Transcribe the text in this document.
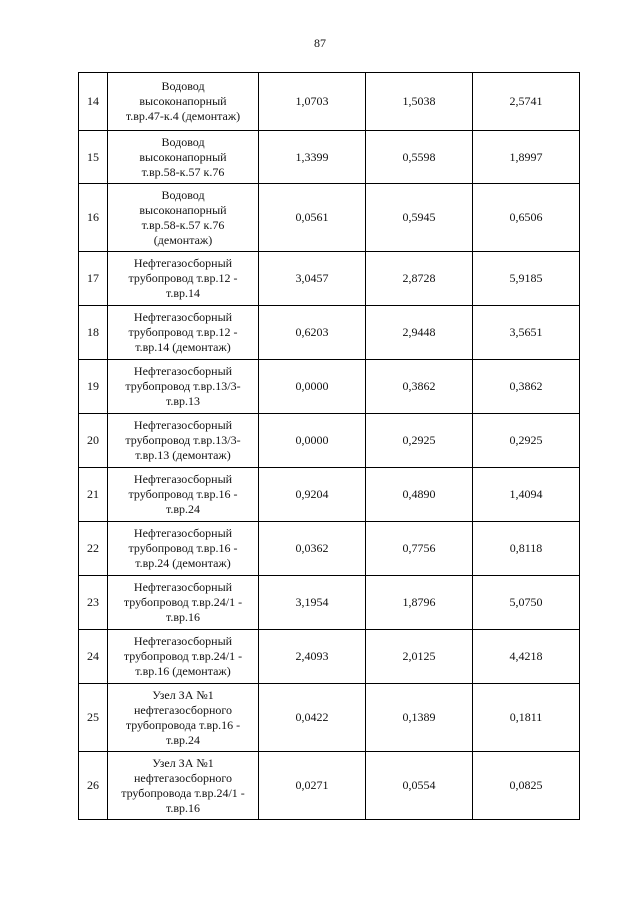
87
14	Водовод
высоконапорный
т.вр.47-к.4 (демонтаж)	1,0703	1,5038	2,5741
15	Водовод
высоконапорный
т.вр.58-к.57 к.76	1,3399	0,5598	1,8997
16	Водовод
высоконапорный
т.вр.58-к.57 к.76
(демонтаж)	0,0561	0,5945	0,6506
17	Нефтегазосборный
трубопровод т.вр.12 -
т.вр.14	3,0457	2,8728	5,9185
18	Нефтегазосборный
трубопровод т.вр.12 -
т.вр.14 (демонтаж)	0,6203	2,9448	3,5651
19	Нефтегазосборный
трубопровод т.вр.13/3-
т.вр.13	0,0000	0,3862	0,3862
20	Нефтегазосборный
трубопровод т.вр.13/3-
т.вр.13 (демонтаж)	0,0000	0,2925	0,2925
21	Нефтегазосборный
трубопровод т.вр.16 -
т.вр.24	0,9204	0,4890	1,4094
22	Нефтегазосборный
трубопровод т.вр.16 -
т.вр.24 (демонтаж)	0,0362	0,7756	0,8118
23	Нефтегазосборный
трубопровод т.вр.24/1 -
т.вр.16	3,1954	1,8796	5,0750
24	Нефтегазосборный
трубопровод т.вр.24/1 -
т.вр.16 (демонтаж)	2,4093	2,0125	4,4218
25	Узел ЗА №1
нефтегазосборного
трубопровода т.вр.16 -
т.вр.24	0,0422	0,1389	0,1811
26	Узел ЗА №1
нефтегазосборного
трубопровода т.вр.24/1 -
т.вр.16	0,0271	0,0554	0,0825
